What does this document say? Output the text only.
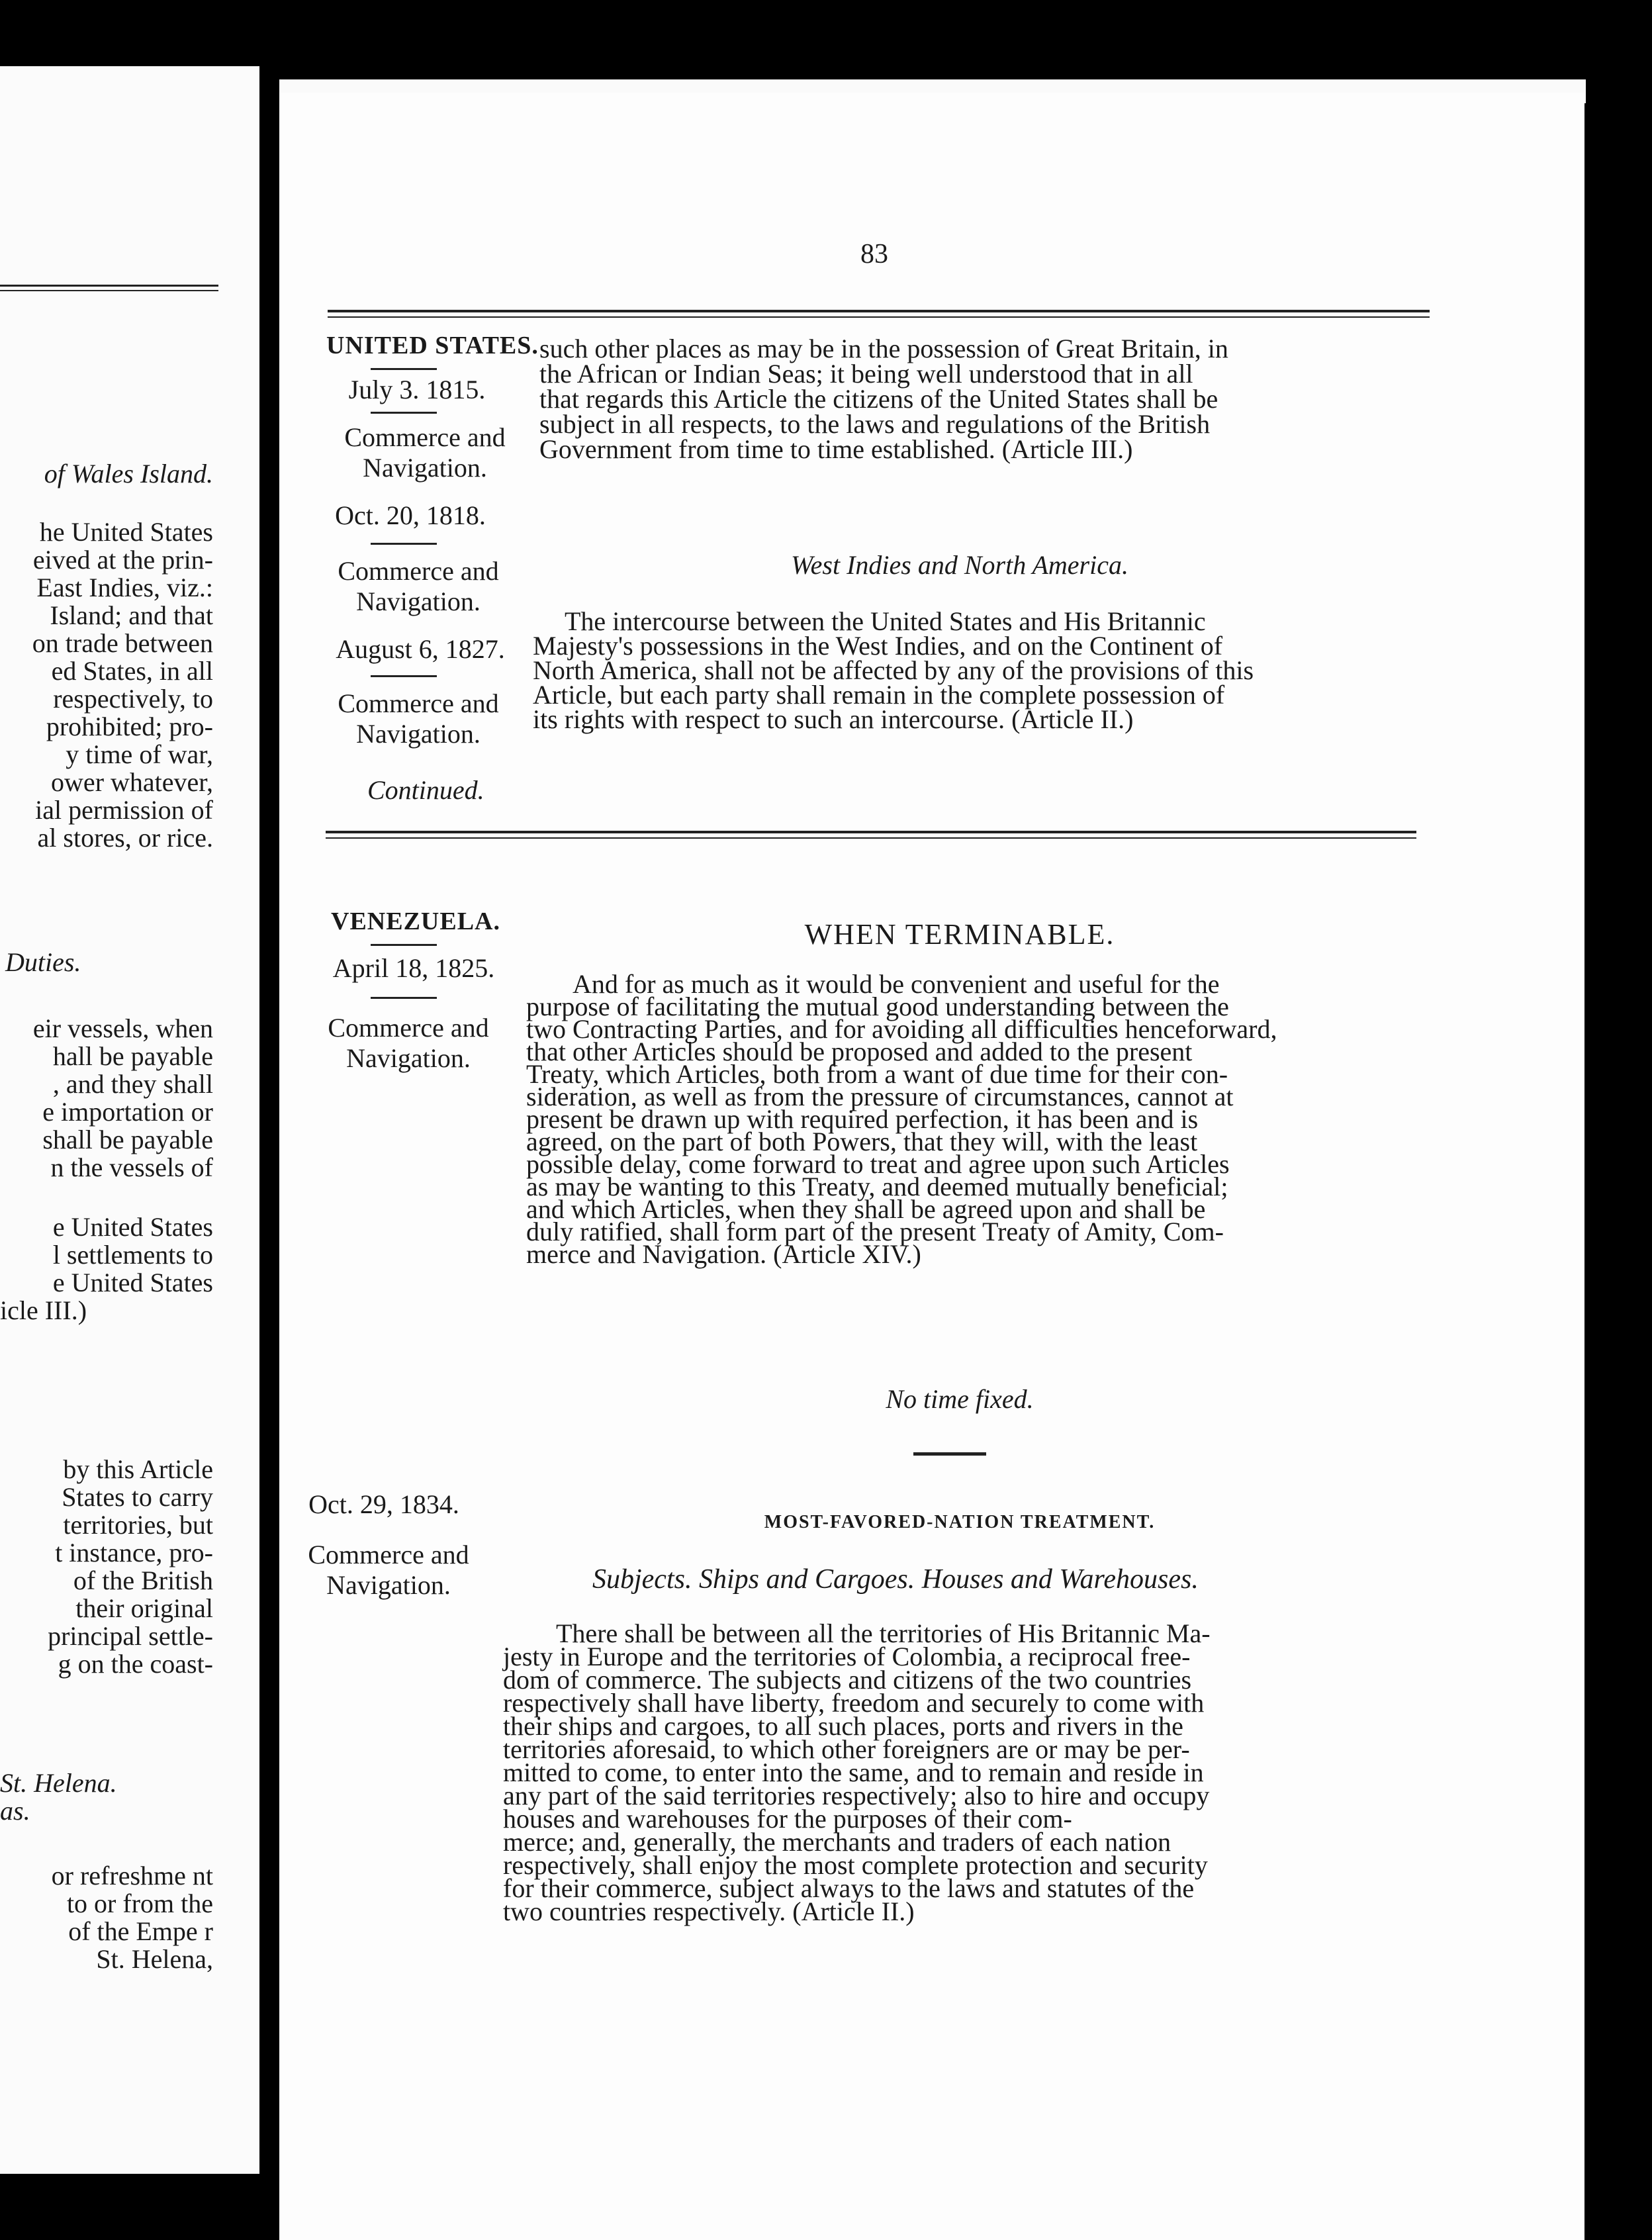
of Wales Island.
he United States
eived at the prin-
East Indies, viz.:
Island; and that
on trade between
ed States, in all
respectively, to
prohibited; pro-
y time of war,
ower whatever,
ial permission of
al stores, or rice.
Duties.
eir vessels, when
hall be payable
, and they shall
e importation or
shall be payable
n the vessels of
e United States
l settlements to
e United States
icle III.)
by this Article
States to carry
territories, but
t instance, pro-
of the British
their original
principal settle-
g on the coast-
St. Helena.
as.
or refreshme nt
to or from the
of the Empe r
St. Helena,
83
UNITED STATES.
July 3. 1815.
Commerce and
Navigation.
Oct. 20, 1818.
Commerce and
Navigation.
August 6, 1827.
Commerce and
Navigation.
Continued.
such other places as may be in the possession of Great Britain, in
the African or Indian Seas; it being well understood that in all
that regards this Article the citizens of the United States shall be
subject in all respects, to the laws and regulations of the British
Government from time to time established. (Article III.)
West Indies and North America.
The intercourse between the United States and His Britannic
Majesty's possessions in the West Indies, and on the Continent of
North America, shall not be affected by any of the provisions of this
Article, but each party shall remain in the complete possession of
its rights with respect to such an intercourse. (Article II.)
VENEZUELA.
April 18, 1825.
Commerce and
Navigation.
WHEN TERMINABLE.
And for as much as it would be convenient and useful for the
purpose of facilitating the mutual good understanding between the
two Contracting Parties, and for avoiding all difficulties henceforward,
that other Articles should be proposed and added to the present
Treaty, which Articles, both from a want of due time for their con-
sideration, as well as from the pressure of circumstances, cannot at
present be drawn up with required perfection, it has been and is
agreed, on the part of both Powers, that they will, with the least
possible delay, come forward to treat and agree upon such Articles
as may be wanting to this Treaty, and deemed mutually beneficial;
and which Articles, when they shall be agreed upon and shall be
duly ratified, shall form part of the present Treaty of Amity, Com-
merce and Navigation. (Article XIV.)
No time fixed.
Oct. 29, 1834.
Commerce and
Navigation.
MOST-FAVORED-NATION TREATMENT.
Subjects. Ships and Cargoes. Houses and Warehouses.
There shall be between all the territories of His Britannic Ma-
jesty in Europe and the territories of Colombia, a reciprocal free-
dom of commerce. The subjects and citizens of the two countries
respectively shall have liberty, freedom and securely to come with
their ships and cargoes, to all such places, ports and rivers in the
territories aforesaid, to which other foreigners are or may be per-
mitted to come, to enter into the same, and to remain and reside in
any part of the said territories respectively; also to hire and occupy
houses and warehouses for the purposes of their com-
merce; and, generally, the merchants and traders of each nation
respectively, shall enjoy the most complete protection and security
for their commerce, subject always to the laws and statutes of the
two countries respectively. (Article II.)
